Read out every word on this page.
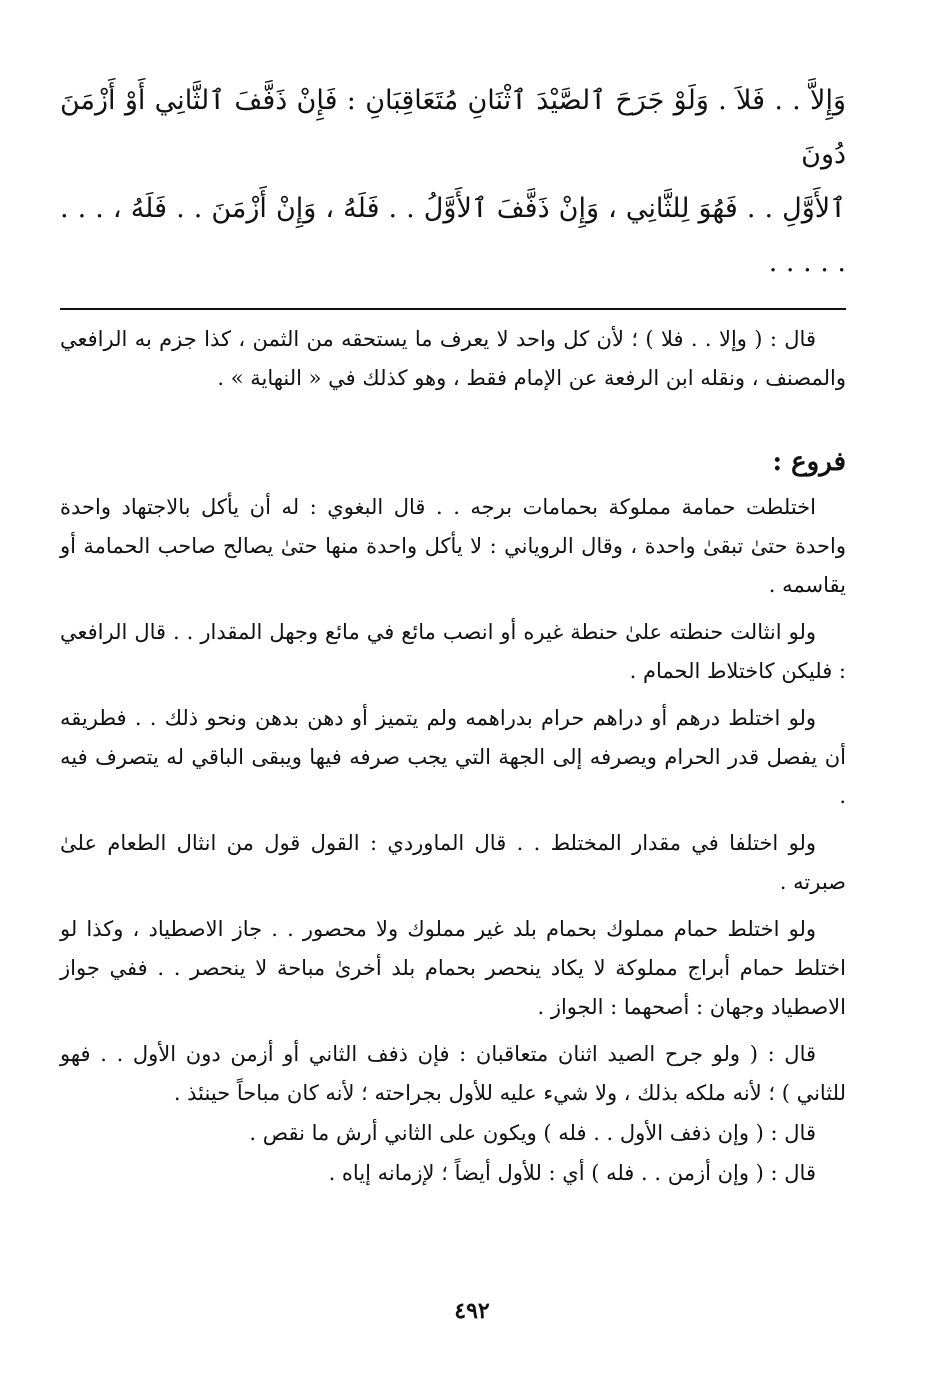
وَإِلاَّ . . فَلاَ . وَلَوْ جَرَحَ ٱلصَّيْدَ ٱثْنَانِ مُتَعَاقِبَانِ : فَإِنْ ذَفَّفَ ٱلثَّانِي أَوْ أَزْمَنَ دُونَ

ٱلأَوَّلِ . . فَهُوَ لِلثَّانِي ، وَإِنْ ذَفَّفَ ٱلأَوَّلُ . . فَلَهُ ، وَإِنْ أَزْمَنَ . . فَلَهُ ، . . . . . . . .

قال : ( وإلا . . فلا ) ؛ لأن كل واحد لا يعرف ما يستحقه من الثمن ، كذا جزم به الرافعي والمصنف ، ونقله ابن الرفعة عن الإمام فقط ، وهو كذلك في « النهاية » .

فروع :

اختلطت حمامة مملوكة بحمامات برجه . . قال البغوي : له أن يأكل بالاجتهاد واحدة واحدة حتىٰ تبقىٰ واحدة ، وقال الروياني : لا يأكل واحدة منها حتىٰ يصالح صاحب الحمامة أو يقاسمه .

ولو انثالت حنطته علىٰ حنطة غيره أو انصب مائع في مائع وجهل المقدار . . قال الرافعي : فليكن كاختلاط الحمام .

ولو اختلط درهم أو دراهم حرام بدراهمه ولم يتميز أو دهن بدهن ونحو ذلك . . فطريقه أن يفصل قدر الحرام ويصرفه إلى الجهة التي يجب صرفه فيها ويبقى الباقي له يتصرف فيه .

ولو اختلفا في مقدار المختلط . . قال الماوردي : القول قول من انثال الطعام علىٰ صبرته .

ولو اختلط حمام مملوك بحمام بلد غير مملوك ولا محصور . . جاز الاصطياد ، وكذا لو اختلط حمام أبراج مملوكة لا يكاد ينحصر بحمام بلد أخرىٰ مباحة لا ينحصر . . ففي جواز الاصطياد وجهان : أصحهما : الجواز .

قال : ( ولو جرح الصيد اثنان متعاقبان : فإن ذفف الثاني أو أزمن دون الأول . . فهو للثاني ) ؛ لأنه ملكه بذلك ، ولا شيء عليه للأول بجراحته ؛ لأنه كان مباحاً حينئذ .

قال : ( وإن ذفف الأول . . فله ) ويكون على الثاني أرش ما نقص .

قال : ( وإن أزمن . . فله ) أي : للأول أيضاً ؛ لإزمانه إياه .

٤٩٢
